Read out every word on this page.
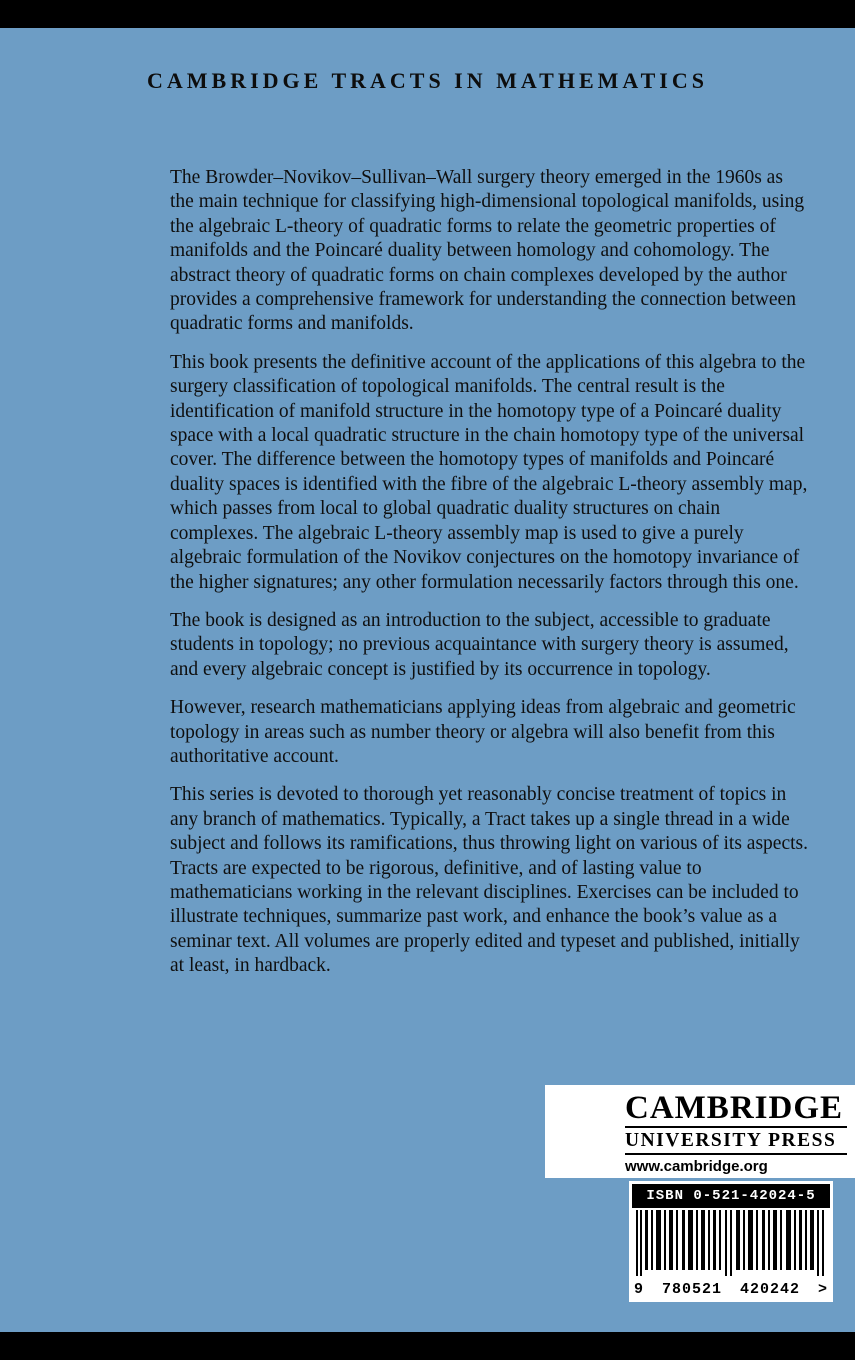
CAMBRIDGE TRACTS IN MATHEMATICS

The Browder–Novikov–Sullivan–Wall surgery theory emerged in the 1960s as the main technique for classifying high-dimensional topological manifolds, using the algebraic L-theory of quadratic forms to relate the geometric properties of manifolds and the Poincaré duality between homology and cohomology. The abstract theory of quadratic forms on chain complexes developed by the author provides a comprehensive framework for understanding the connection between quadratic forms and manifolds.

This book presents the definitive account of the applications of this algebra to the surgery classification of topological manifolds. The central result is the identification of manifold structure in the homotopy type of a Poincaré duality space with a local quadratic structure in the chain homotopy type of the universal cover. The difference between the homotopy types of manifolds and Poincaré duality spaces is identified with the fibre of the algebraic L-theory assembly map, which passes from local to global quadratic duality structures on chain complexes. The algebraic L-theory assembly map is used to give a purely algebraic formulation of the Novikov conjectures on the homotopy invariance of the higher signatures; any other formulation necessarily factors through this one.

The book is designed as an introduction to the subject, accessible to graduate students in topology; no previous acquaintance with surgery theory is assumed, and every algebraic concept is justified by its occurrence in topology.

However, research mathematicians applying ideas from algebraic and geometric topology in areas such as number theory or algebra will also benefit from this authoritative account.

This series is devoted to thorough yet reasonably concise treatment of topics in any branch of mathematics. Typically, a Tract takes up a single thread in a wide subject and follows its ramifications, thus throwing light on various of its aspects. Tracts are expected to be rigorous, definitive, and of lasting value to mathematicians working in the relevant disciplines. Exercises can be included to illustrate techniques, summarize past work, and enhance the book’s value as a seminar text. All volumes are properly edited and typeset and published, initially at least, in hardback.

CAMBRIDGE
UNIVERSITY PRESS
www.cambridge.org
ISBN 0-521-42024-5
9 780521 420242 >
